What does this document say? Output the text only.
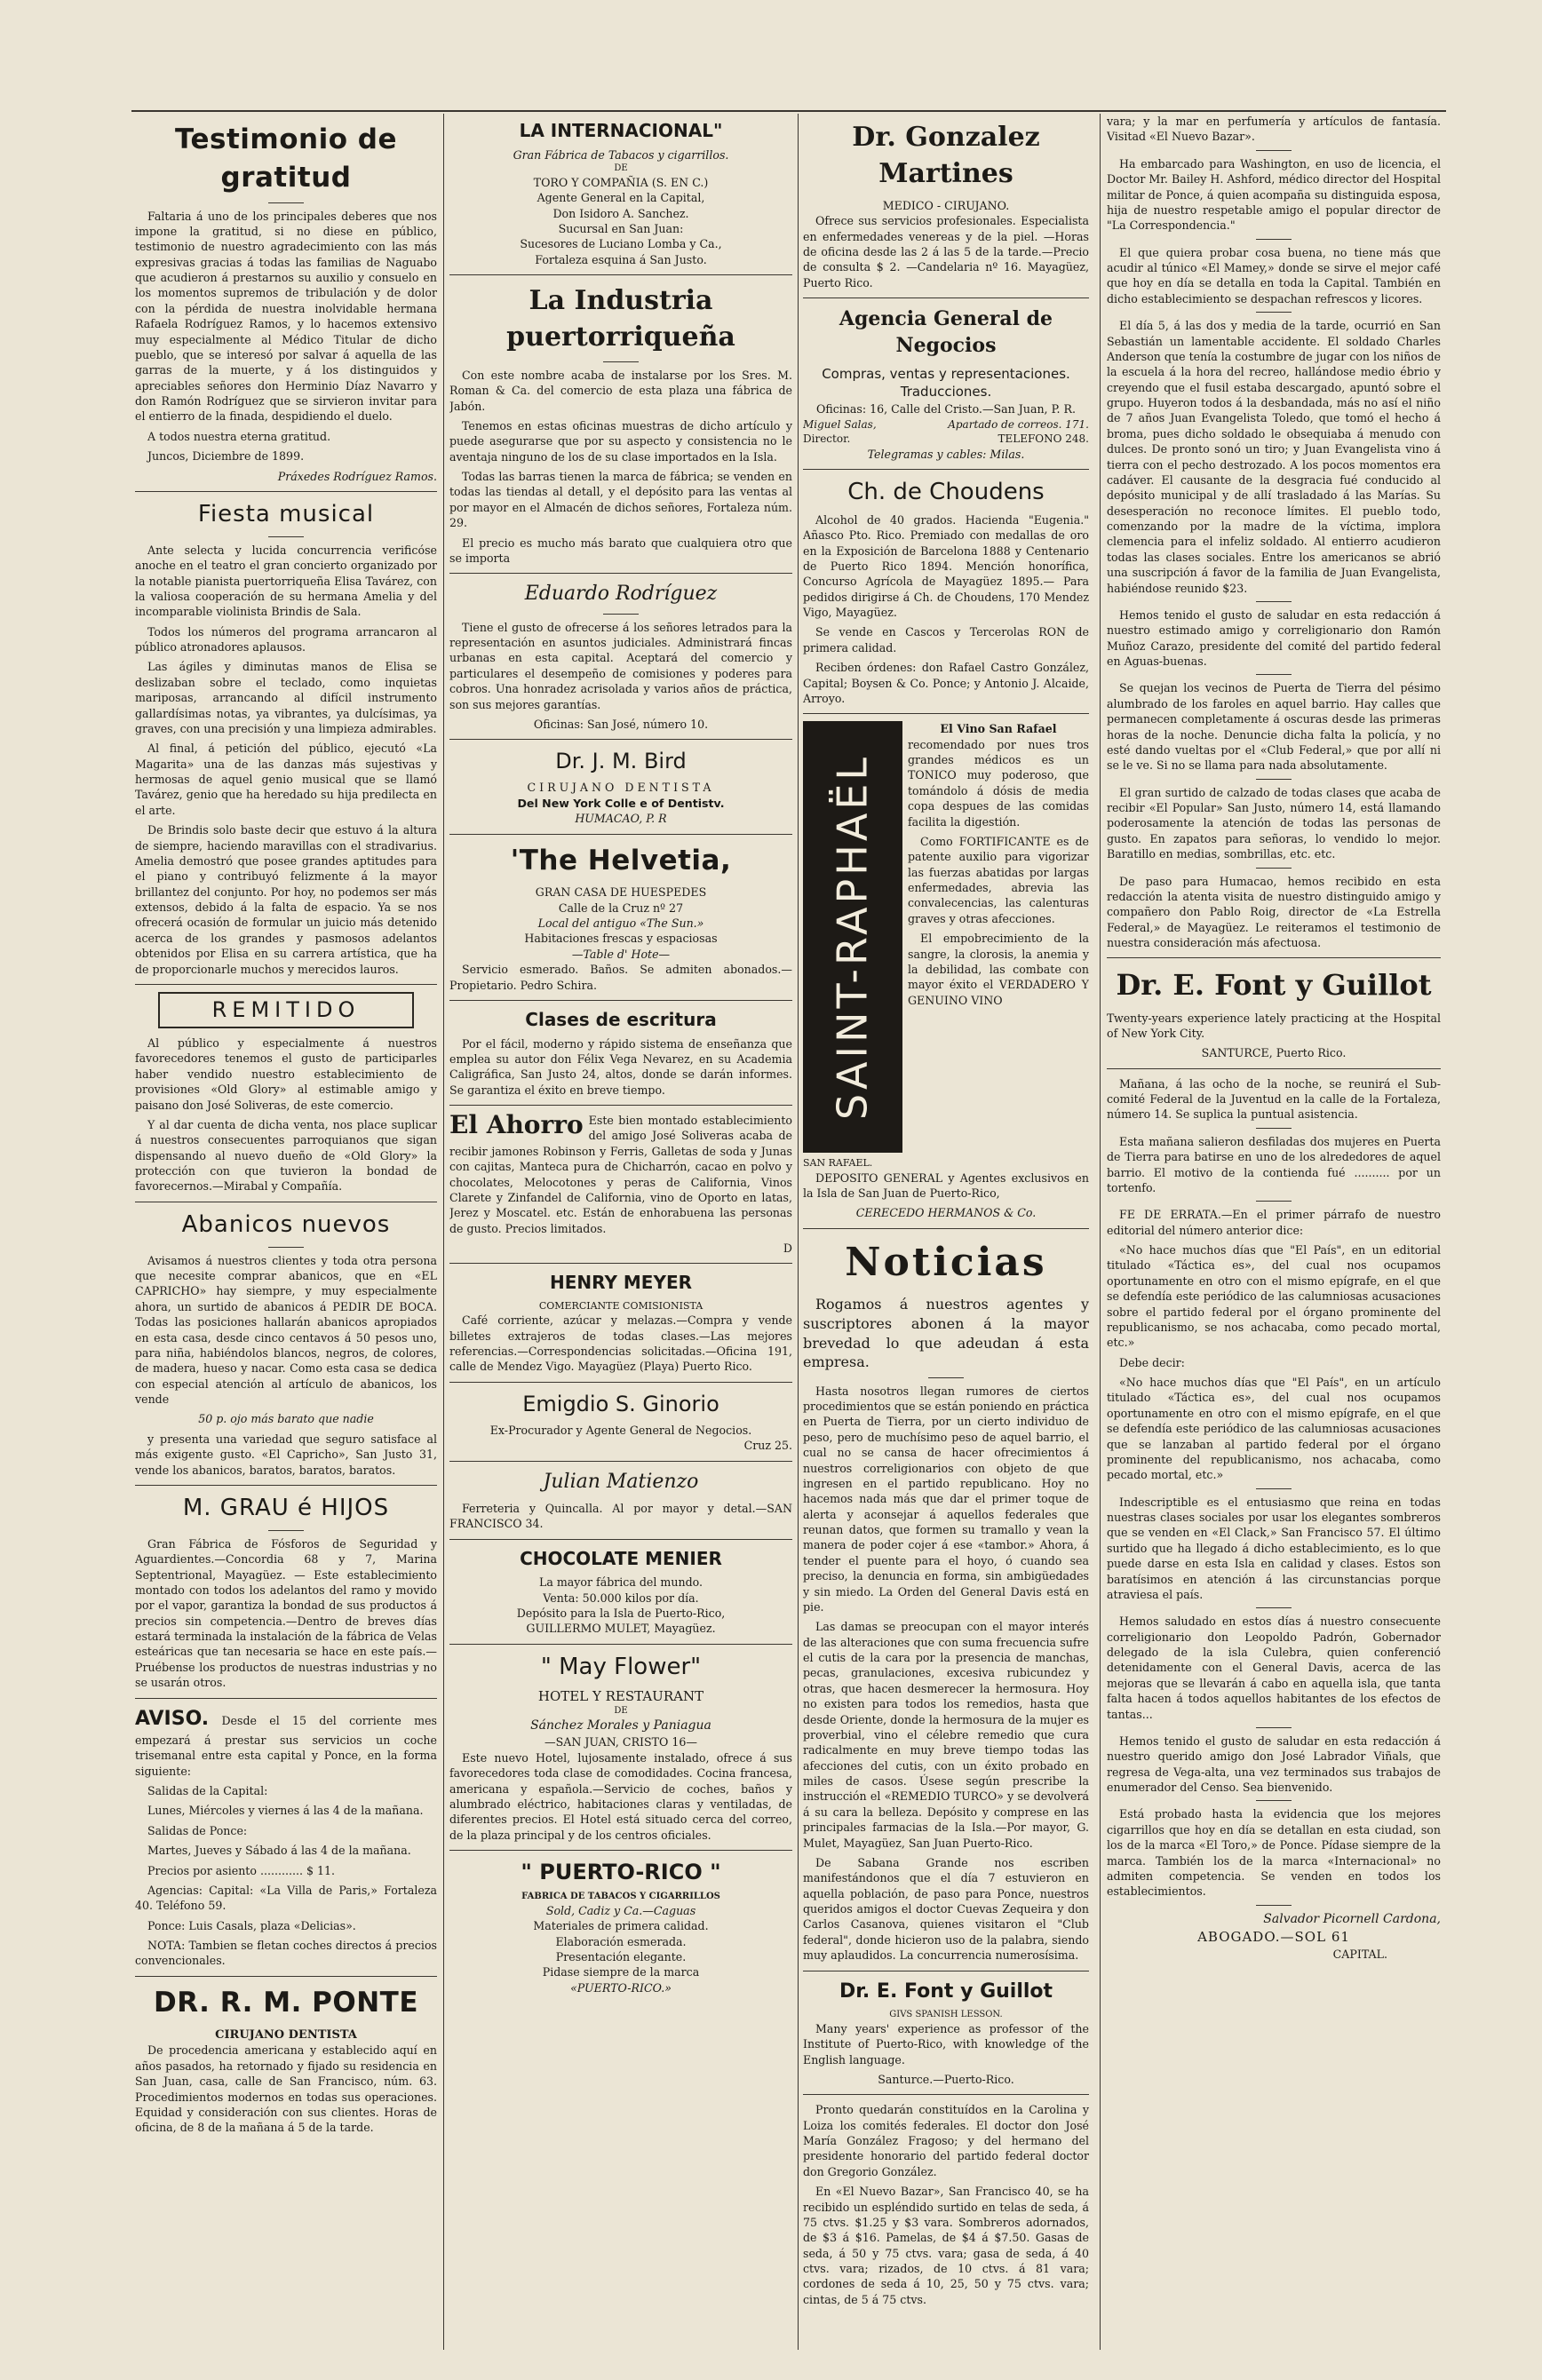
Testimonio de gratitud

Faltaria á uno de los principales deberes que nos impone la gratitud, si no diese en público, testimonio de nuestro agradecimiento con las más expresivas gracias á todas las familias de Naguabo que acudieron á prestarnos su auxilio y consuelo en los momentos supremos de tribulación y de dolor con la pérdida de nuestra inolvidable hermana Rafaela Rodríguez Ramos, y lo hacemos extensivo muy especialmente al Médico Titular de dicho pueblo, que se interesó por salvar á aquella de las garras de la muerte, y á los distinguidos y apreciables señores don Herminio Díaz Navarro y don Ramón Rodríguez que se sirvieron invitar para el entierro de la finada, despidiendo el duelo.

A todos nuestra eterna gratitud.

Juncos, Diciembre de 1899.

Práxedes Rodríguez Ramos.

Fiesta musical

Ante selecta y lucida concurrencia verificóse anoche en el teatro el gran concierto organizado por la notable pianista puertorriqueña Elisa Tavárez, con la valiosa cooperación de su hermana Amelia y del incomparable violinista Brindis de Sala.

Todos los números del programa arrancaron al público atronadores aplausos.

Las ágiles y diminutas manos de Elisa se deslizaban sobre el teclado, como inquietas mariposas, arrancando al difícil instrumento gallardísimas notas, ya vibrantes, ya dulcísimas, ya graves, con una precisión y una limpieza admirables.

Al final, á petición del público, ejecutó «La Magarita» una de las danzas más sujestivas y hermosas de aquel genio musical que se llamó Tavárez, genio que ha heredado su hija predilecta en el arte.

De Brindis solo baste decir que estuvo á la altura de siempre, haciendo maravillas con el stradivarius. Amelia demostró que posee grandes aptitudes para el piano y contribuyó felizmente á la mayor brillantez del conjunto. Por hoy, no podemos ser más extensos, debido á la falta de espacio. Ya se nos ofrecerá ocasión de formular un juicio más detenido acerca de los grandes y pasmosos adelantos obtenidos por Elisa en su carrera artística, que ha de proporcionarle muchos y merecidos lauros.

REMITIDO

Al público y especialmente á nuestros favorecedores tenemos el gusto de participarles haber vendido nuestro establecimiento de provisiones «Old Glory» al estimable amigo y paisano don José Soliveras, de este comercio.

Y al dar cuenta de dicha venta, nos place suplicar á nuestros consecuentes parroquianos que sigan dispensando al nuevo dueño de «Old Glory» la protección con que tuvieron la bondad de favorecernos.—Mirabal y Compañía.

Abanicos nuevos

Avisamos á nuestros clientes y toda otra persona que necesite comprar abanicos, que en «EL CAPRICHO» hay siempre, y muy especialmente ahora, un surtido de abanicos á PEDIR DE BOCA. Todas las posiciones hallarán abanicos apropiados en esta casa, desde cinco centavos á 50 pesos uno, para niña, habiéndolos blancos, negros, de colores, de madera, hueso y nacar. Como esta casa se dedica con especial atención al artículo de abanicos, los vende

50 p. ojo más barato que nadie

y presenta una variedad que seguro satisface al más exigente gusto. «El Capricho», San Justo 31, vende los abanicos, baratos, baratos, baratos.

M. GRAU é HIJOS

Gran Fábrica de Fósforos de Seguridad y Aguardientes.—Concordia 68 y 7, Marina Septentrional, Mayagüez. — Este establecimiento montado con todos los adelantos del ramo y movido por el vapor, garantiza la bondad de sus productos á precios sin competencia.—Dentro de breves días estará terminada la instalación de la fábrica de Velas esteáricas que tan necesaria se hace en este país.—Pruébense los productos de nuestras industrias y no se usarán otros.

AVISO. Desde el 15 del corriente mes empezará á prestar sus servicios un coche trisemanal entre esta capital y Ponce, en la forma siguiente:

Salidas de la Capital:

Lunes, Miércoles y viernes á las 4 de la mañana.

Salidas de Ponce:

Martes, Jueves y Sábado á las 4 de la mañana.

Precios por asiento ............ $ 11.

Agencias: Capital: «La Villa de Paris,» Fortaleza 40. Teléfono 59.

Ponce: Luis Casals, plaza «Delicias».

NOTA: Tambien se fletan coches directos á precios convencionales.

DR. R. M. PONTE
CIRUJANO DENTISTA

De procedencia americana y establecido aquí en años pasados, ha retornado y fijado su residencia en San Juan, casa, calle de San Francisco, núm. 63. Procedimientos modernos en todas sus operaciones. Equidad y consideración con sus clientes. Horas de oficina, de 8 de la mañana á 5 de la tarde.

LA INTERNACIONAL"
Gran Fábrica de Tabacos y cigarrillos.
DE
TORO Y COMPAÑIA (S. EN C.)
Agente General en la Capital,
Don Isidoro A. Sanchez.
Sucursal en San Juan:
Sucesores de Luciano Lomba y Ca.,
Fortaleza esquina á San Justo.
La Industria puertorriqueña

Con este nombre acaba de instalarse por los Sres. M. Roman & Ca. del comercio de esta plaza una fábrica de Jabón.

Tenemos en estas oficinas muestras de dicho artículo y puede asegurarse que por su aspecto y consistencia no le aventaja ninguno de los de su clase importados en la Isla.

Todas las barras tienen la marca de fábrica; se venden en todas las tiendas al detall, y el depósito para las ventas al por mayor en el Almacén de dichos señores, Fortaleza núm. 29.

El precio es mucho más barato que cualquiera otro que se importa

Eduardo Rodríguez

Tiene el gusto de ofrecerse á los señores letrados para la representación en asuntos judiciales. Administrará fincas urbanas en esta capital. Aceptará del comercio y particulares el desempeño de comisiones y poderes para cobros. Una honradez acrisolada y varios años de práctica, son sus mejores garantías.

Oficinas: San José, número 10.

Dr. J. M. Bird
CIRUJANO DENTISTA
Del New York Colle e of Dentistv.
HUMACAO, P. R
'The Helvetia,
GRAN CASA DE HUESPEDES
Calle de la Cruz nº 27
Local del antiguo «The Sun.»
Habitaciones frescas y espaciosas
—Table d' Hote—

Servicio esmerado. Baños. Se admiten abonados.—Propietario. Pedro Schira.

Clases de escritura

Por el fácil, moderno y rápido sistema de enseñanza que emplea su autor don Félix Vega Nevarez, en su Academia Caligráfica, San Justo 24, altos, donde se darán informes. Se garantiza el éxito en breve tiempo.

El Ahorro Este bien montado establecimiento del amigo José Soliveras acaba de recibir jamones Robinson y Ferris, Galletas de soda y Junas con cajitas, Manteca pura de Chicharrón, cacao en polvo y chocolates, Melocotones y peras de California, Vinos Clarete y Zinfandel de California, vino de Oporto en latas, Jerez y Moscatel. etc. Están de enhorabuena las personas de gusto. Precios limitados.

D

HENRY MEYER
COMERCIANTE COMISIONISTA

Café corriente, azúcar y melazas.—Compra y vende billetes extrajeros de todas clases.—Las mejores referencias.—Correspondencias solicitadas.—Oficina 191, calle de Mendez Vigo. Mayagüez (Playa) Puerto Rico.

Emigdio S. Ginorio
Ex-Procurador y Agente General de Negocios.
Cruz 25.
Julian Matienzo

Ferreteria y Quincalla. Al por mayor y detal.—SAN FRANCISCO 34.

CHOCOLATE MENIER
La mayor fábrica del mundo.
Venta: 50.000 kilos por día.
Depósito para la Isla de Puerto-Rico,
GUILLERMO MULET, Mayagüez.
" May Flower"
HOTEL Y RESTAURANT
DE
Sánchez Morales y Paniagua
—SAN JUAN, CRISTO 16—

Este nuevo Hotel, lujosamente instalado, ofrece á sus favorecedores toda clase de comodidades. Cocina francesa, americana y española.—Servicio de coches, baños y alumbrado eléctrico, habitaciones claras y ventiladas, de diferentes precios. El Hotel está situado cerca del correo, de la plaza principal y de los centros oficiales.

" PUERTO-RICO "
FABRICA DE TABACOS Y CIGARRILLOS
Sold, Cadiz y Ca.—Caguas
Materiales de primera calidad.
Elaboración esmerada.
Presentación elegante.
Pidase siempre de la marca
«PUERTO-RICO.»
Dr. Gonzalez Martines
MEDICO - CIRUJANO.

Ofrece sus servicios profesionales. Especialista en enfermedades venereas y de la piel. —Horas de oficina desde las 2 á las 5 de la tarde.—Precio de consulta $ 2. —Candelaria nº 16. Mayagüez, Puerto Rico.

Agencia General de Negocios
Compras, ventas y representaciones.
Traducciones.
Oficinas: 16, Calle del Cristo.—San Juan, P. R.
Miguel Salas,	Apartado de correos. 171.
Director.	TELEFONO 248.
Telegramas y cables: Milas.
Ch. de Choudens

Alcohol de 40 grados. Hacienda "Eugenia." Añasco Pto. Rico. Premiado con medallas de oro en la Exposición de Barcelona 1888 y Centenario de Puerto Rico 1894. Mención honorífica, Concurso Agrícola de Mayagüez 1895.— Para pedidos dirigirse á Ch. de Choudens, 170 Mendez Vigo, Mayagüez.

Se vende en Cascos y Tercerolas RON de primera calidad.

Reciben órdenes: don Rafael Castro González, Capital; Boysen & Co. Ponce; y Antonio J. Alcaide, Arroyo.

SAINT-RAPHAËL
El Vino San Rafael

recomendado por nues tros grandes médicos es un TONICO muy poderoso, que tomándolo á dósis de media copa despues de las comidas facilita la digestión.

Como FORTIFICANTE es de patente auxilio para vigorizar las fuerzas abatidas por largas enfermedades, abrevia las convalecencias, las calenturas graves y otras afecciones.

El empobrecimiento de la sangre, la clorosis, la anemia y la debilidad, las combate con mayor éxito el VERDADERO Y GENUINO VINO

SAN RAFAEL.

DEPOSITO GENERAL y Agentes exclusivos en la Isla de San Juan de Puerto-Rico,

CERECEDO HERMANOS & Co.
Noticias

Rogamos á nuestros agentes y suscriptores abonen á la mayor brevedad lo que adeudan á esta empresa.

Hasta nosotros llegan rumores de ciertos procedimientos que se están poniendo en práctica en Puerta de Tierra, por un cierto individuo de peso, pero de muchísimo peso de aquel barrio, el cual no se cansa de hacer ofrecimientos á nuestros correligionarios con objeto de que ingresen en el partido republicano. Hoy no hacemos nada más que dar el primer toque de alerta y aconsejar á aquellos federales que reunan datos, que formen su tramallo y vean la manera de poder cojer á ese «tambor.» Ahora, á tender el puente para el hoyo, ó cuando sea preciso, la denuncia en forma, sin ambigüedades y sin miedo. La Orden del General Davis está en pie.

Las damas se preocupan con el mayor interés de las alteraciones que con suma frecuencia sufre el cutis de la cara por la presencia de manchas, pecas, granulaciones, excesiva rubicundez y otras, que hacen desmerecer la hermosura. Hoy no existen para todos los remedios, hasta que desde Oriente, donde la hermosura de la mujer es proverbial, vino el célebre remedio que cura radicalmente en muy breve tiempo todas las afecciones del cutis, con un éxito probado en miles de casos. Úsese según prescribe la instrucción el «REMEDIO TURCO» y se devolverá á su cara la belleza. Depósito y comprese en las principales farmacias de la Isla.—Por mayor, G. Mulet, Mayagüez, San Juan Puerto-Rico.

De Sabana Grande nos escriben manifestándonos que el día 7 estuvieron en aquella población, de paso para Ponce, nuestros queridos amigos el doctor Cuevas Zequeira y don Carlos Casanova, quienes visitaron el "Club federal", donde hicieron uso de la palabra, siendo muy aplaudidos. La concurrencia numerosísima.

Dr. E. Font y Guillot
GIVS SPANISH LESSON.

Many years' experience as professor of the Institute of Puerto-Rico, with knowledge of the English language.

Santurce.—Puerto-Rico.

Pronto quedarán constituídos en la Carolina y Loiza los comités federales. El doctor don José María González Fragoso; y del hermano del presidente honorario del partido federal doctor don Gregorio González.

En «El Nuevo Bazar», San Francisco 40, se ha recibido un espléndido surtido en telas de seda, á 75 ctvs. $1.25 y $3 vara. Sombreros adornados, de $3 á $16. Pamelas, de $4 á $7.50. Gasas de seda, á 50 y 75 ctvs. vara; gasa de seda, á 40 ctvs. vara; rizados, de 10 ctvs. á 81 vara; cordones de seda á 10, 25, 50 y 75 ctvs. vara; cintas, de 5 á 75 ctvs.

vara; y la mar en perfumería y artículos de fantasía. Visitad «El Nuevo Bazar».

Ha embarcado para Washington, en uso de licencia, el Doctor Mr. Bailey H. Ashford, médico director del Hospital militar de Ponce, á quien acompaña su distinguida esposa, hija de nuestro respetable amigo el popular director de "La Correspondencia."

El que quiera probar cosa buena, no tiene más que acudir al túnico «El Mamey,» donde se sirve el mejor café que hoy en día se detalla en toda la Capital. También en dicho establecimiento se despachan refrescos y licores.

El día 5, á las dos y media de la tarde, ocurrió en San Sebastián un lamentable accidente. El soldado Charles Anderson que tenía la costumbre de jugar con los niños de la escuela á la hora del recreo, hallándose medio ébrio y creyendo que el fusil estaba descargado, apuntó sobre el grupo. Huyeron todos á la desbandada, más no así el niño de 7 años Juan Evangelista Toledo, que tomó el hecho á broma, pues dicho soldado le obsequiaba á menudo con dulces. De pronto sonó un tiro; y Juan Evangelista vino á tierra con el pecho destrozado. A los pocos momentos era cadáver. El causante de la desgracia fué conducido al depósito municipal y de allí trasladado á las Marías. Su desesperación no reconoce límites. El pueblo todo, comenzando por la madre de la víctima, implora clemencia para el infeliz soldado. Al entierro acudieron todas las clases sociales. Entre los americanos se abrió una suscripción á favor de la familia de Juan Evangelista, habiéndose reunido $23.

Hemos tenido el gusto de saludar en esta redacción á nuestro estimado amigo y correligionario don Ramón Muñoz Carazo, presidente del comité del partido federal en Aguas-buenas.

Se quejan los vecinos de Puerta de Tierra del pésimo alumbrado de los faroles en aquel barrio. Hay calles que permanecen completamente á oscuras desde las primeras horas de la noche. Denuncie dicha falta la policía, y no esté dando vueltas por el «Club Federal,» que por allí ni se le ve. Si no se llama para nada absolutamente.

El gran surtido de calzado de todas clases que acaba de recibir «El Popular» San Justo, número 14, está llamando poderosamente la atención de todas las personas de gusto. En zapatos para señoras, lo vendido lo mejor. Baratillo en medias, sombrillas, etc. etc.

De paso para Humacao, hemos recibido en esta redacción la atenta visita de nuestro distinguido amigo y compañero don Pablo Roig, director de «La Estrella Federal,» de Mayagüez. Le reiteramos el testimonio de nuestra consideración más afectuosa.

Dr. E. Font y Guillot

Twenty-years experience lately practicing at the Hospital of New York City.

SANTURCE, Puerto Rico.

Mañana, á las ocho de la noche, se reunirá el Sub-comité Federal de la Juventud en la calle de la Fortaleza, número 14. Se suplica la puntual asistencia.

Esta mañana salieron desfiladas dos mujeres en Puerta de Tierra para batirse en uno de los alrededores de aquel barrio. El motivo de la contienda fué .......... por un tortenfo.

FE DE ERRATA.—En el primer párrafo de nuestro editorial del número anterior dice:

«No hace muchos días que "El País", en un editorial titulado «Táctica es», del cual nos ocupamos oportunamente en otro con el mismo epígrafe, en el que se defendía este periódico de las calumniosas acusaciones sobre el partido federal por el órgano prominente del republicanismo, se nos achacaba, como pecado mortal, etc.»

Debe decir:

«No hace muchos días que "El País", en un artículo titulado «Táctica es», del cual nos ocupamos oportunamente en otro con el mismo epígrafe, en el que se defendía este periódico de las calumniosas acusaciones que se lanzaban al partido federal por el órgano prominente del republicanismo, nos achacaba, como pecado mortal, etc.»

Indescriptible es el entusiasmo que reina en todas nuestras clases sociales por usar los elegantes sombreros que se venden en «El Clack,» San Francisco 57. El último surtido que ha llegado á dicho establecimiento, es lo que puede darse en esta Isla en calidad y clases. Estos son baratísimos en atención á las circunstancias porque atraviesa el país.

Hemos saludado en estos días á nuestro consecuente correligionario don Leopoldo Padrón, Gobernador delegado de la isla Culebra, quien conferenció detenidamente con el General Davis, acerca de las mejoras que se llevarán á cabo en aquella isla, que tanta falta hacen á todos aquellos habitantes de los efectos de tantas...

Hemos tenido el gusto de saludar en esta redacción á nuestro querido amigo don José Labrador Viñals, que regresa de Vega-alta, una vez terminados sus trabajos de enumerador del Censo. Sea bienvenido.

Está probado hasta la evidencia que los mejores cigarrillos que hoy en día se detallan en esta ciudad, son los de la marca «El Toro,» de Ponce. Pídase siempre de la marca. También los de la marca «Internacional» no admiten competencia. Se venden en todos los establecimientos.

Salvador Picornell Cardona,
ABOGADO.—SOL 61
CAPITAL.
